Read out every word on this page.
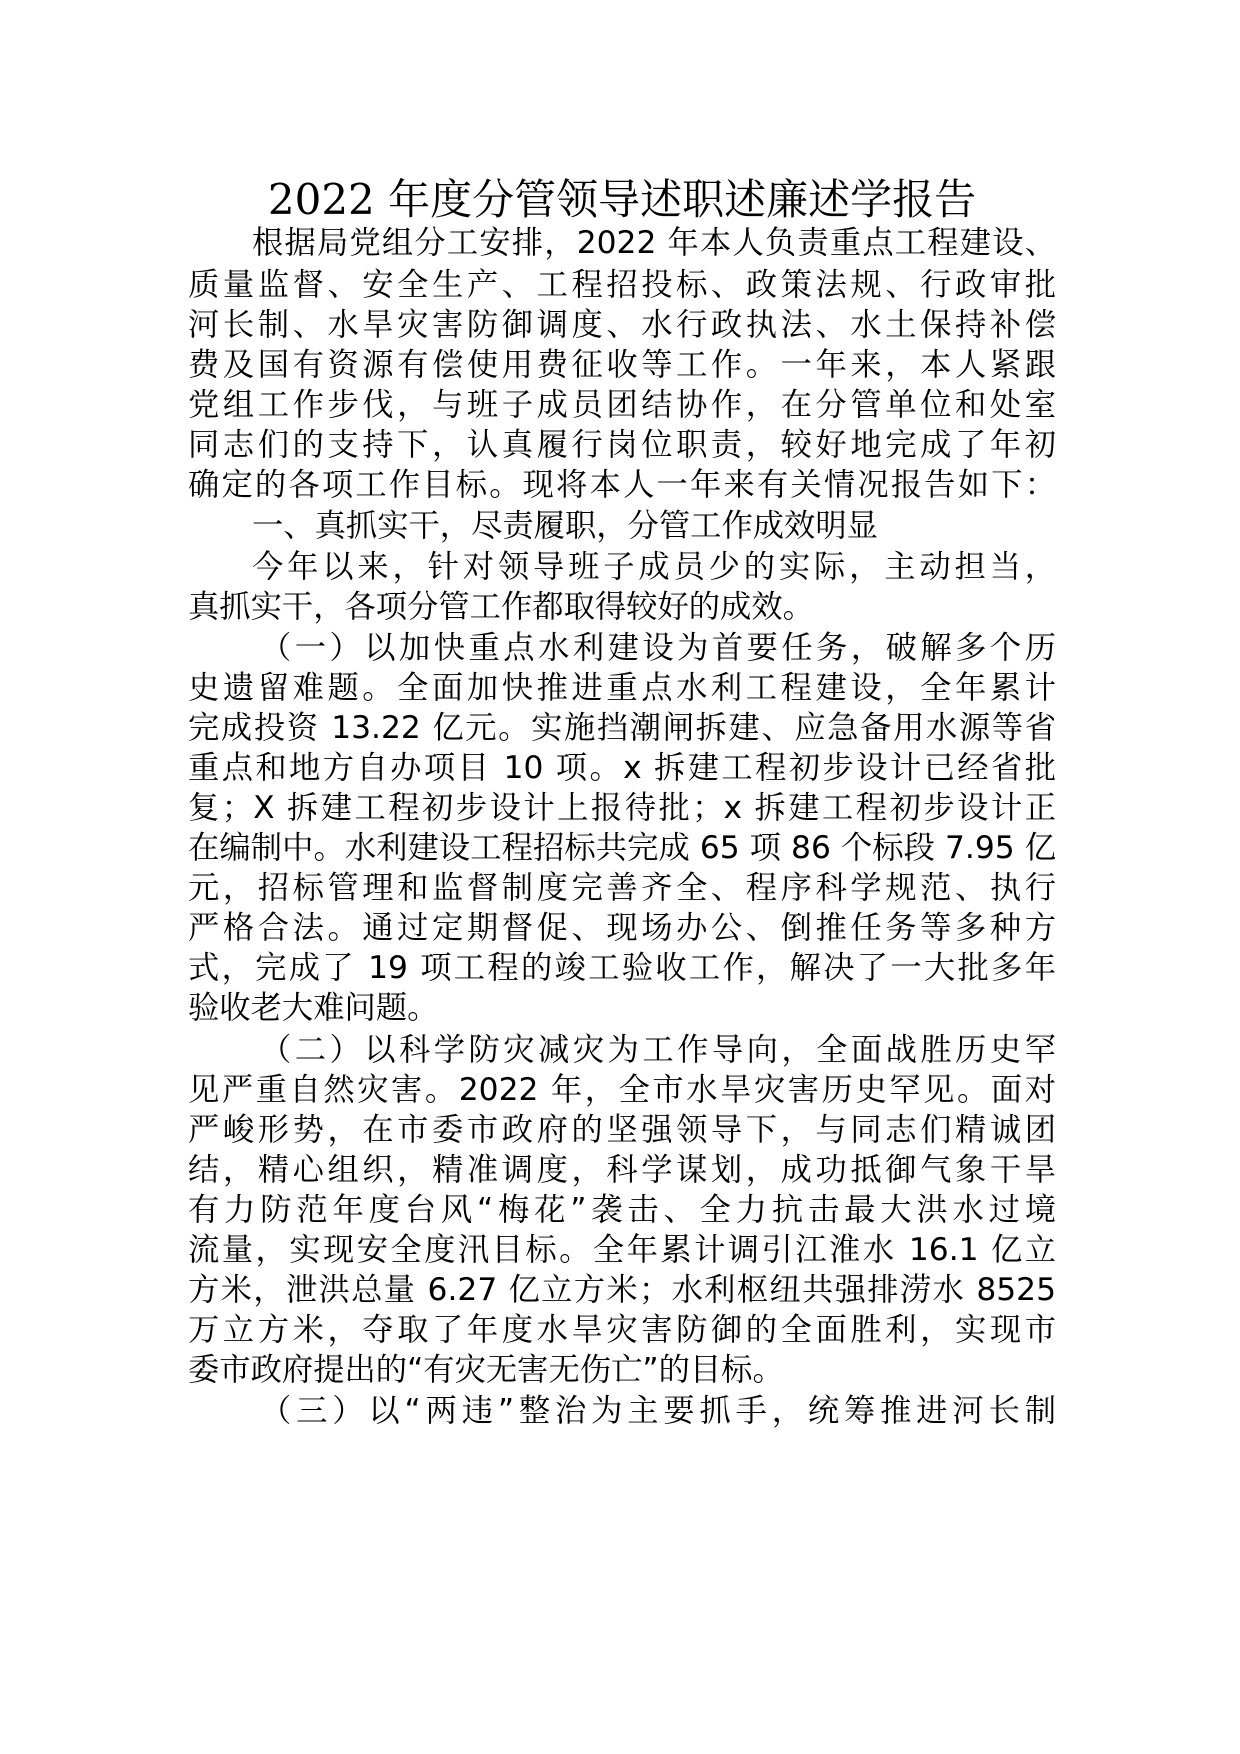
2022 年度分管领导述职述廉述学报告
根据局党组分工安排，2022 年本人负责重点工程建设、
质量监督、安全生产、工程招投标、政策法规、行政审批
河长制、水旱灾害防御调度、水行政执法、水土保持补偿
费及国有资源有偿使用费征收等工作。一年来，本人紧跟
党组工作步伐，与班子成员团结协作，在分管单位和处室
同志们的支持下，认真履行岗位职责，较好地完成了年初
确定的各项工作目标。现将本人一年来有关情况报告如下：
一、真抓实干，尽责履职，分管工作成效明显
今年以来，针对领导班子成员少的实际，主动担当，
真抓实干，各项分管工作都取得较好的成效。
（一）以加快重点水利建设为首要任务，破解多个历
史遗留难题。全面加快推进重点水利工程建设，全年累计
完成投资 13.22 亿元。实施挡潮闸拆建、应急备用水源等省
重点和地方自办项目 10 项。x 拆建工程初步设计已经省批
复；X 拆建工程初步设计上报待批；x 拆建工程初步设计正
在编制中。水利建设工程招标共完成 65 项 86 个标段 7.95 亿
元，招标管理和监督制度完善齐全、程序科学规范、执行
严格合法。通过定期督促、现场办公、倒推任务等多种方
式，完成了 19 项工程的竣工验收工作，解决了一大批多年
验收老大难问题。
（二）以科学防灾减灾为工作导向，全面战胜历史罕
见严重自然灾害。2022 年，全市水旱灾害历史罕见。面对
严峻形势，在市委市政府的坚强领导下，与同志们精诚团
结，精心组织，精准调度，科学谋划，成功抵御气象干旱
有力防范年度台风“梅花”袭击、全力抗击最大洪水过境
流量，实现安全度汛目标。全年累计调引江淮水 16.1 亿立
方米，泄洪总量 6.27 亿立方米；水利枢纽共强排涝水 8525
万立方米，夺取了年度水旱灾害防御的全面胜利，实现市
委市政府提出的“有灾无害无伤亡”的目标。
（三）以“两违”整治为主要抓手，统筹推进河长制
